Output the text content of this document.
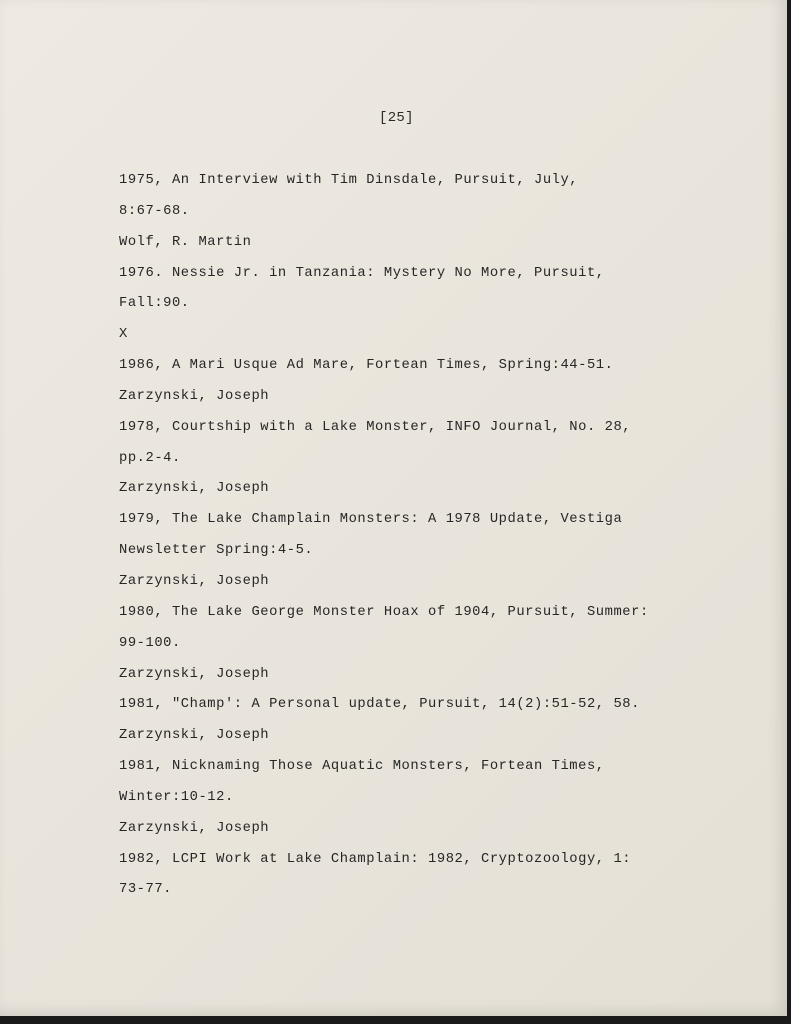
[25]
1975, An Interview with Tim Dinsdale, Pursuit, July,
8:67-68.
Wolf, R. Martin
1976. Nessie Jr. in Tanzania: Mystery No More, Pursuit,
Fall:90.
X
1986, A Mari Usque Ad Mare, Fortean Times, Spring:44-51.
Zarzynski, Joseph
1978, Courtship with a Lake Monster, INFO Journal, No. 28,
pp.2-4.
Zarzynski, Joseph
1979, The Lake Champlain Monsters: A 1978 Update, Vestiga
Newsletter Spring:4-5.
Zarzynski, Joseph
1980, The Lake George Monster Hoax of 1904, Pursuit, Summer:
99-100.
Zarzynski, Joseph
1981, "Champ': A Personal update, Pursuit, 14(2):51-52, 58.
Zarzynski, Joseph
1981, Nicknaming Those Aquatic Monsters, Fortean Times,
Winter:10-12.
Zarzynski, Joseph
1982, LCPI Work at Lake Champlain: 1982, Cryptozoology, 1:
73-77.
